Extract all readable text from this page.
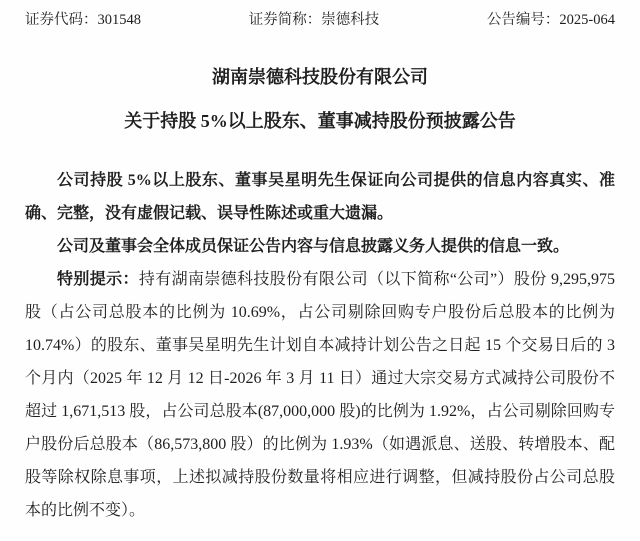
证券代码：301548	证券简称：崇德科技	公告编号：2025-064
湖南崇德科技股份有限公司
关于持股 5%以上股东、董事减持股份预披露公告

公司持股 5%以上股东、董事吴星明先生保证向公司提供的信息内容真实、准确、完整，没有虚假记载、误导性陈述或重大遗漏。

公司及董事会全体成员保证公告内容与信息披露义务人提供的信息一致。

特别提示：持有湖南崇德科技股份有限公司（以下简称“公司”）股份 9,295,975 股（占公司总股本的比例为 10.69%，占公司剔除回购专户股份后总股本的比例为 10.74%）的股东、董事吴星明先生计划自本减持计划公告之日起 15 个交易日后的 3 个月内（2025 年 12 月 12 日-2026 年 3 月 11 日）通过大宗交易方式减持公司股份不超过 1,671,513 股，占公司总股本(87,000,000 股)的比例为 1.92%，占公司剔除回购专户股份后总股本（86,573,800 股）的比例为 1.93%（如遇派息、送股、转增股本、配股等除权除息事项，上述拟减持股份数量将相应进行调整，但减持股份占公司总股本的比例不变）。
